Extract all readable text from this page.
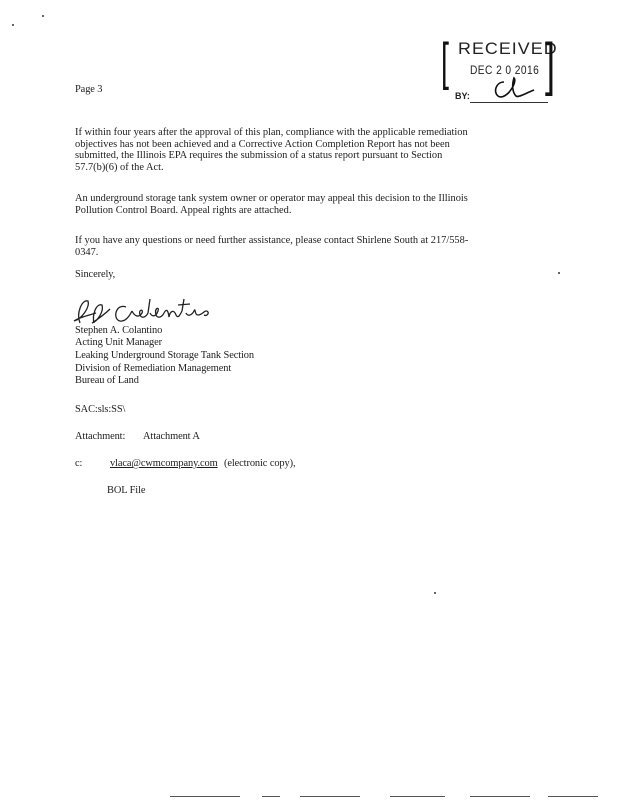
[ RECEIVED
]
DEC 2 0 2016
BY:
Page 3
If within four years after the approval of this plan, compliance with the applicable remediation
objectives has not been achieved and a Corrective Action Completion Report has not been
submitted, the Illinois EPA requires the submission of a status report pursuant to Section
57.7(b)(6) of the Act.
An underground storage tank system owner or operator may appeal this decision to the Illinois
Pollution Control Board. Appeal rights are attached.
If you have any questions or need further assistance, please contact Shirlene South at 217/558-
0347.
Sincerely,
Stephen A. Colantino
Acting Unit Manager
Leaking Underground Storage Tank Section
Division of Remediation Management
Bureau of Land
SAC:sls:SS\
Attachment: Attachment A
c:	vlaca@cwmcompany.com (electronic copy),
BOL File
